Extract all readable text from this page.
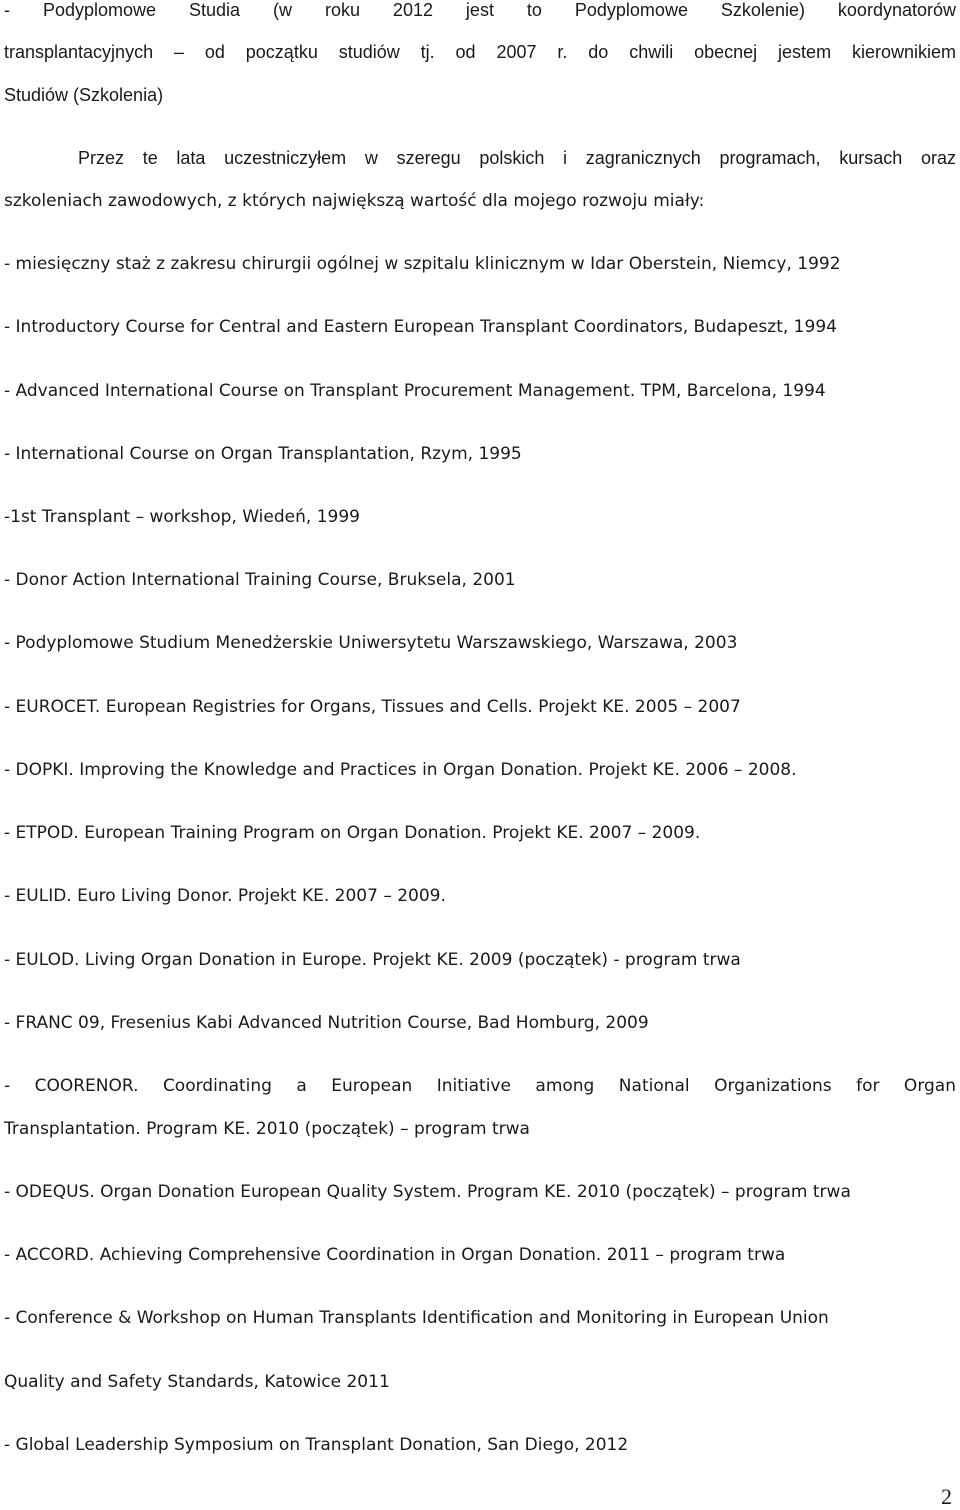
- Podyplomowe Studia (w roku 2012 jest to Podyplomowe Szkolenie) koordynatorów
transplantacyjnych – od początku studiów tj. od 2007 r. do chwili obecnej jestem kierownikiem
Studiów (Szkolenia)
Przez te lata uczestniczyłem w szeregu polskich i zagranicznych programach, kursach oraz
szkoleniach zawodowych, z których największą wartość dla mojego rozwoju miały:
- miesięczny staż z zakresu chirurgii ogólnej w szpitalu klinicznym w Idar Oberstein, Niemcy, 1992
- Introductory Course for Central and Eastern European Transplant Coordinators, Budapeszt, 1994
- Advanced International Course on Transplant Procurement Management. TPM, Barcelona, 1994
- International Course on Organ Transplantation, Rzym, 1995
-1st Transplant – workshop, Wiedeń, 1999
- Donor Action International Training Course, Bruksela, 2001
- Podyplomowe Studium Menedżerskie Uniwersytetu Warszawskiego, Warszawa, 2003
- EUROCET. European Registries for Organs, Tissues and Cells. Projekt KE. 2005 – 2007
- DOPKI. Improving the Knowledge and Practices in Organ Donation. Projekt KE. 2006 – 2008.
- ETPOD. European Training Program on Organ Donation. Projekt KE. 2007 – 2009.
- EULID. Euro Living Donor. Projekt KE. 2007 – 2009.
- EULOD. Living Organ Donation in Europe. Projekt KE. 2009 (początek) - program trwa
- FRANC 09, Fresenius Kabi Advanced Nutrition Course, Bad Homburg, 2009
- COORENOR. Coordinating a European Initiative among National Organizations for Organ
Transplantation. Program KE. 2010 (początek) – program trwa
- ODEQUS. Organ Donation European Quality System. Program KE. 2010 (początek) – program trwa
- ACCORD. Achieving Comprehensive Coordination in Organ Donation. 2011 – program trwa
- Conference & Workshop on Human Transplants Identification and Monitoring in European Union
Quality and Safety Standards, Katowice 2011
- Global Leadership Symposium on Transplant Donation, San Diego, 2012
2
